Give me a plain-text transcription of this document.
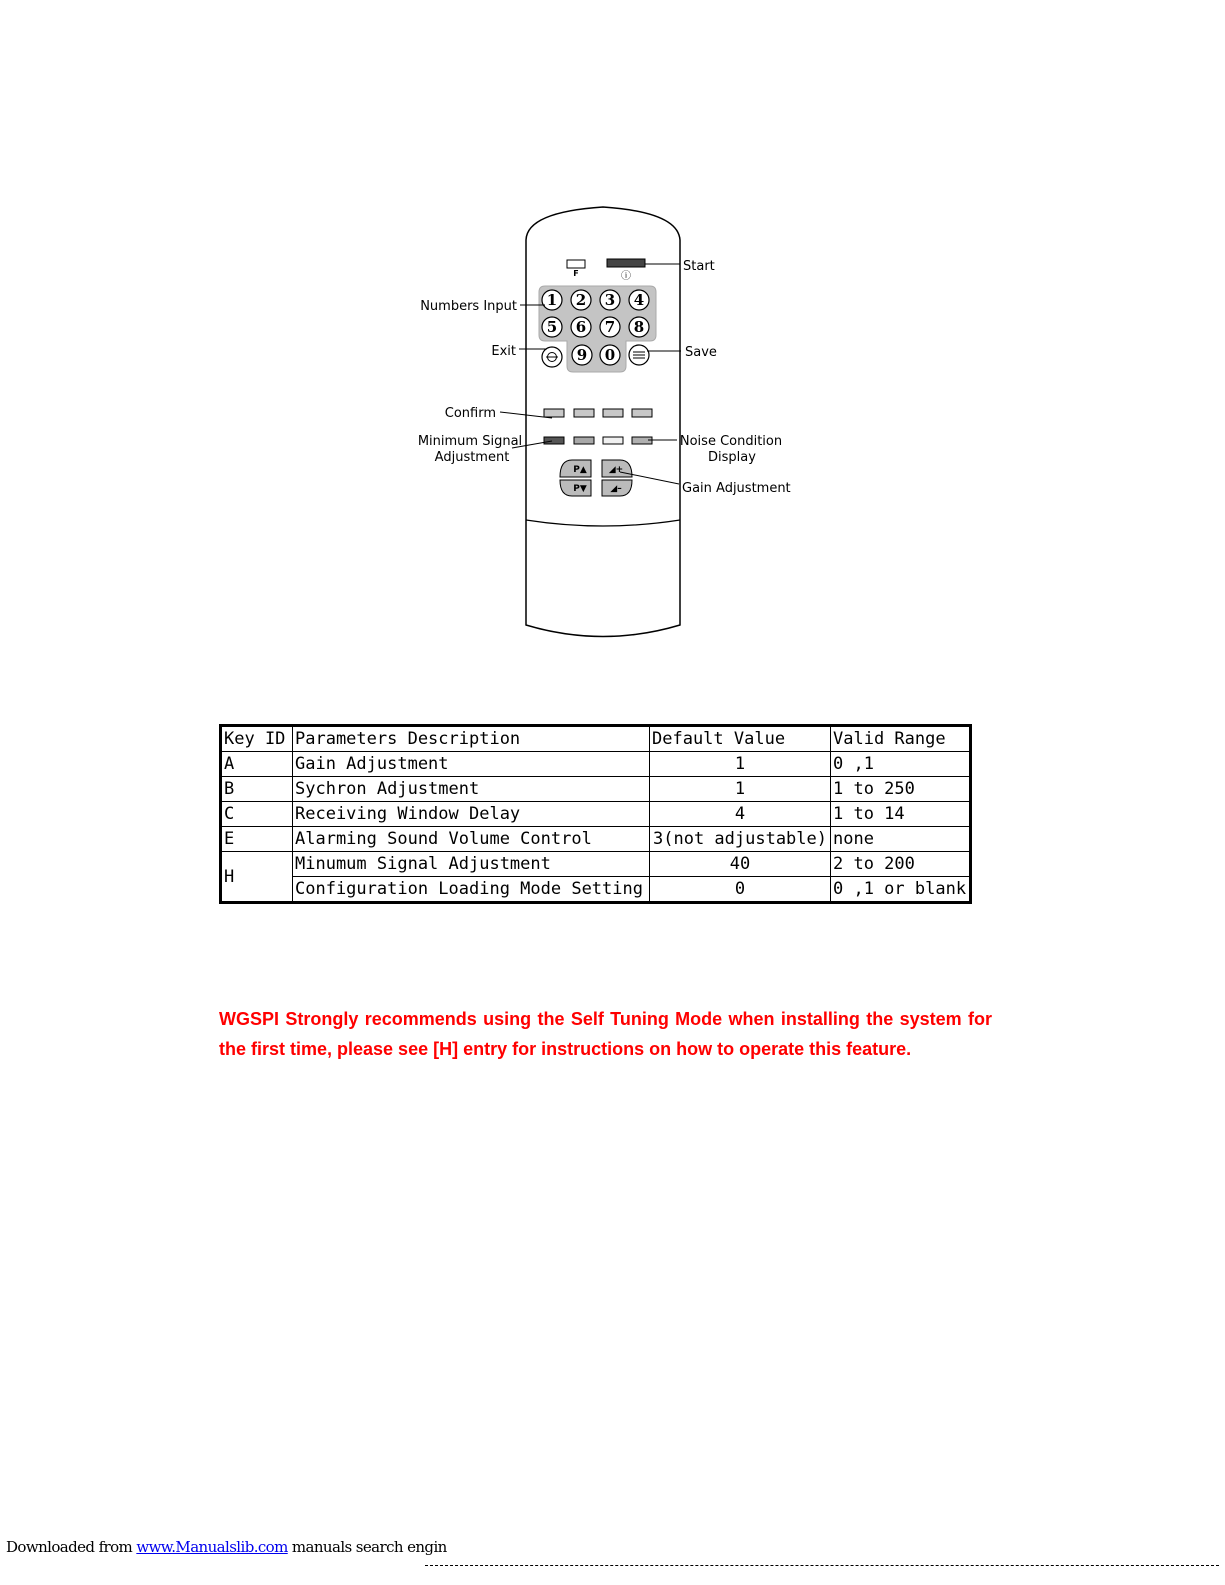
F	ⓘ
1 2 3 4
5 6 7 8
9 0
P▲ ◢+
P▼	◢–
Start
Numbers Input
Exit	Save
Confirm
Minimum Signal
Adjustment
Noise Condition
Display
Gain Adjustment
Key ID	Parameters Description	Default Value	Valid Range
A	Gain Adjustment	1	0 ,1
B	Sychron Adjustment	1	1 to 250
C	Receiving Window Delay	4	1 to 14
E	Alarming Sound Volume Control	3(not adjustable)	none
H	Minumum Signal Adjustment	40	2 to 200
	Configuration Loading Mode Setting	0	0 ,1 or blank

WGSPI Strongly recommends using the Self Tuning Mode when installing the system for the first time, please see [H] entry for instructions on how to operate this feature.

Downloaded from www.Manualslib.com manuals search engin
